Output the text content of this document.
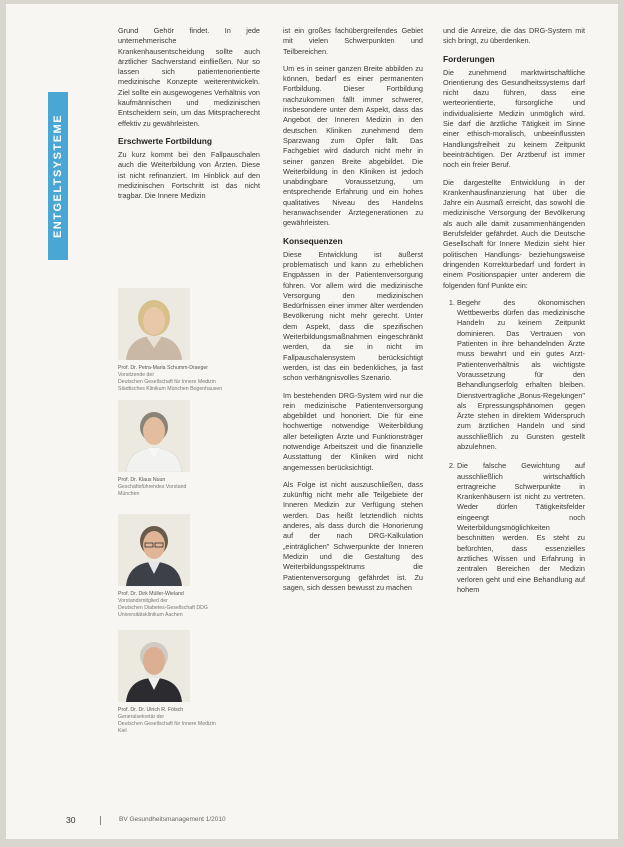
ENTGELTSYSTEME

Grund Gehör findet. In jede unternehmerische Krankenhausentscheidung sollte auch ärztlicher Sachverstand einfließen. Nur so lassen sich patientenorientierte medizinische Konzepte weiterentwickeln. Ziel sollte ein ausgewogenes Verhältnis von kaufmännischen und medizinischen Entscheidern sein, um das Mitspracherecht effektiv zu gewährleisten.

Erschwerte Fortbildung

Zu kurz kommt bei den Fallpauschalen auch die Weiterbildung von Ärzten. Diese ist nicht refinanziert. Im Hinblick auf den medizinischen Fortschritt ist das nicht tragbar. Die Innere Medizin

Prof. Dr. Petra-Maria Schumm-Draeger
Vorsitzende der
Deutschen Gesellschaft für Innere Medizin
Städtisches Klinikum München Bogenhausen
Prof. Dr. Klaus Nuun
Geschäftsführendes Vorstand
München
Prof. Dr. Dirk Müller-Wieland
Vorstandsmitglied der
Deutschen Diabetes-Gesellschaft DDG
Universitätsklinikum Aachen
Prof. Dr. Dr. Ulrich R. Fölsch
Generalsekretär der
Deutschen Gesellschaft für Innere Medizin
Kiel

ist ein großes fachübergreifendes Gebiet mit vielen Schwerpunkten und Teilbereichen.

Um es in seiner ganzen Breite abbilden zu können, bedarf es einer permanenten Fortbildung. Dieser Fortbildung nachzukommen fällt immer schwerer, insbesondere unter dem Aspekt, dass das Angebot der Inneren Medizin in den deutschen Kliniken zunehmend dem Sparzwang zum Opfer fällt. Das Fachgebiet wird dadurch nicht mehr in seiner ganzen Breite abgebildet. Die Weiterbildung in den Kliniken ist jedoch unabdingbare Voraussetzung, um entsprechende Erfahrung und ein hohes qualitatives Niveau des Handelns heranwachsender Ärztegenerationen zu gewährleisten.

Konsequenzen

Diese Entwicklung ist äußerst problematisch und kann zu erheblichen Engpässen in der Patientenversorgung führen. Vor allem wird die medizinische Versorgung den medizinischen Bedürfnissen einer immer älter werdenden Bevölkerung nicht mehr gerecht. Unter dem Aspekt, dass die spezifischen Weiterbildungsmaßnahmen eingeschränkt werden, da sie in nicht im Fallpauschalensystem berücksichtigt werden, ist das ein bedenkliches, ja fast schon verhängnisvolles Szenario.

Im bestehenden DRG-System wird nur die rein medizinische Patientenversorgung abgebildet und honoriert. Die für eine hochwertige notwendige Weiterbildung aller beteiligten Ärzte und Funktionsträger notwendige Arbeitszeit und die finanzielle Ausstattung der Kliniken wird nicht angemessen berücksichtigt.

Als Folge ist nicht auszuschließen, dass zukünftig nicht mehr alle Teilgebiete der Inneren Medizin zur Verfügung stehen werden. Das heißt letztendlich nichts anderes, als dass durch die Honorierung auf der nach DRG-Kalkulation „einträglichen" Schwerpunkte der Inneren Medizin und die Gestaltung des Weiterbildungsspektrums die Patientenversorgung gefährdet ist. Zu sagen, sich dessen bewusst zu machen

und die Anreize, die das DRG-System mit sich bringt, zu überdenken.

Forderungen

Die zunehmend marktwirtschaftliche Orientierung des Gesundheitssystems darf nicht dazu führen, dass eine werteorientierte, fürsorgliche und individualisierte Medizin unmöglich wird. Sie darf die ärztliche Tätigkeit im Sinne einer ethisch-moralisch, unbeeinflussten Handlungsfreiheit zu keinem Zeitpunkt beeinträchtigen. Der Arztberuf ist immer noch ein freier Beruf.

Die dargestellte Entwicklung in der Krankenhausfinanzierung hat über die Jahre ein Ausmaß erreicht, das sowohl die medizinische Versorgung der Bevölkerung als auch alle damit zusammenhängenden Berufsfelder gefährdet. Auch die Deutsche Gesellschaft für Innere Medizin sieht hier politischen Handlungs- beziehungsweise dringenden Korrekturbedarf und fordert in einem Positionspapier unter anderem die folgenden fünf Punkte ein:

1. Begehr des ökonomischen Wettbewerbs dürfen das medizinische Handeln zu keinem Zeitpunkt dominieren. Das Vertrauen von Patienten in ihre behandelnden Ärzte muss bewahrt und ein gutes Arzt-Patientenverhältnis als wichtigste Voraussetzung für den Behandlungserfolg erhalten bleiben. Dienstvertragliche „Bonus-Regelungen" als Erpressungsphänomen gegen Ärzte stehen in direktem Widerspruch zum ärztlichen Handeln und sind ausschließlich zu Gunsten gestellt abzulehnen.
2. Die falsche Gewichtung auf ausschließlich wirtschaftlich ertragreiche Schwerpunkte in Krankenhäusern ist nicht zu vertreten. Weder dürfen Tätigkeitsfelder eingeengt noch Weiterbildungsmöglichkeiten beschnitten werden. Es steht zu befürchten, dass essenzielles ärztliches Wissen und Erfahrung in zentralen Bereichen der Medizin verloren geht und eine Behandlung auf hohem
30	BV Gesundheitsmanagement 1/2010
